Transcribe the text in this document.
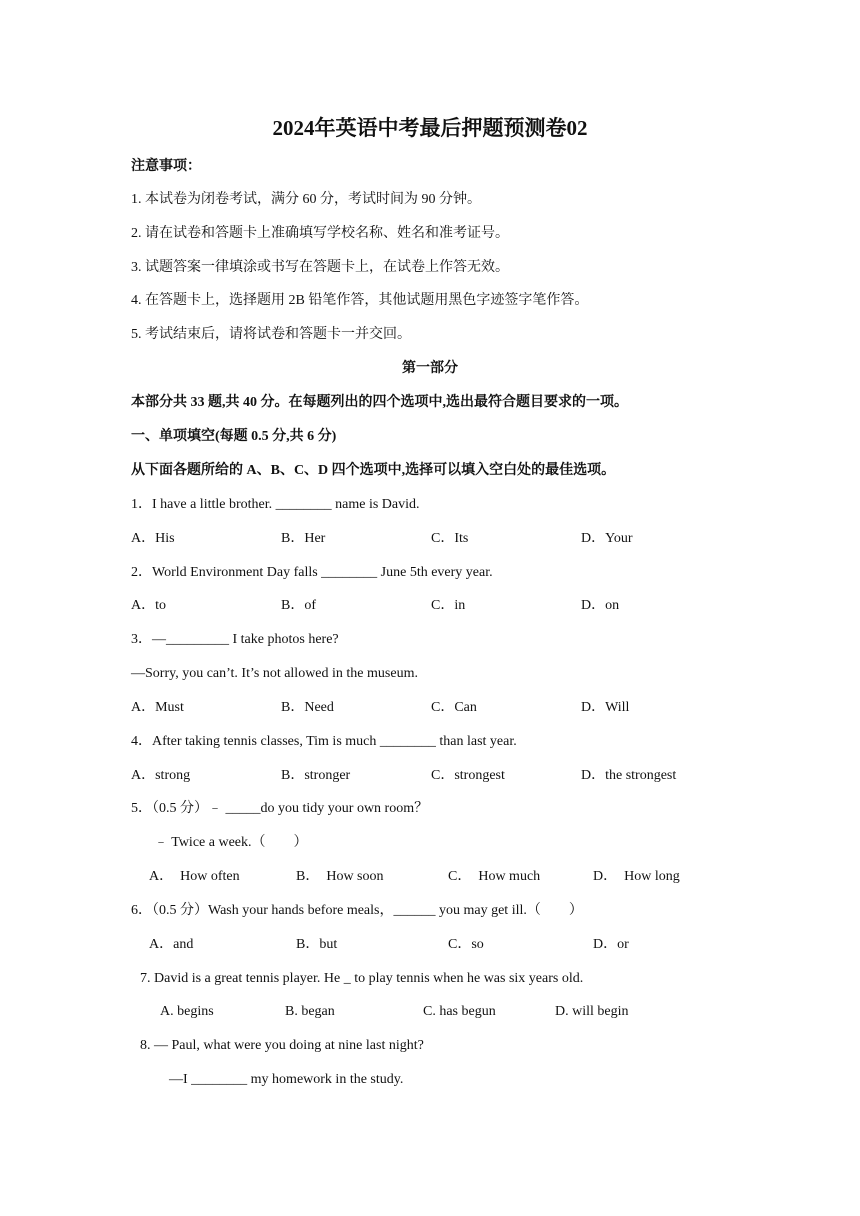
2024年英语中考最后押题预测卷02
注意事项：
1. 本试卷为闭卷考试，满分 60 分，考试时间为 90 分钟。
2. 请在试卷和答题卡上准确填写学校名称、姓名和准考证号。
3. 试题答案一律填涂或书写在答题卡上，在试卷上作答无效。
4. 在答题卡上，选择题用 2B 铅笔作答，其他试题用黑色字迹签字笔作答。
5. 考试结束后，请将试卷和答题卡一并交回。
第一部分
本部分共 33 题,共 40 分。在每题列出的四个选项中,选出最符合题目要求的一项。
一、单项填空(每题 0.5 分,共 6 分)
从下面各题所给的 A、B、C、D 四个选项中,选择可以填入空白处的最佳选项。
1．I have a little brother. ________ name is David.
A．His	B．Her	C．Its	D．Your
2．World Environment Day falls ________ June 5th every year.
A．to	B．of	C．in	D．on
3．—_________ I take photos here?
—Sorry, you can’t. It’s not allowed in the museum.
A．Must	B．Need	C．Can	D．Will
4．After taking tennis classes, Tim is much ________ than last year.
A．strong	B．stronger	C．strongest	D．the strongest
5．（0.5 分）﹣ _____do you tidy your own room？
﹣ Twice a week.（　　）
A．　How often	B．　How soon	C．　How much	D．　How long
6．（0.5 分）Wash your hands before meals，______ you may get ill.（　　）
A．and	B．but	C．so	D．or
7. David is a great tennis player. He _ to play tennis when he was six years old.
A. begins	B. began	C. has begun	D. will begin
8. — Paul, what were you doing at nine last night?
—I ________ my homework in the study.
